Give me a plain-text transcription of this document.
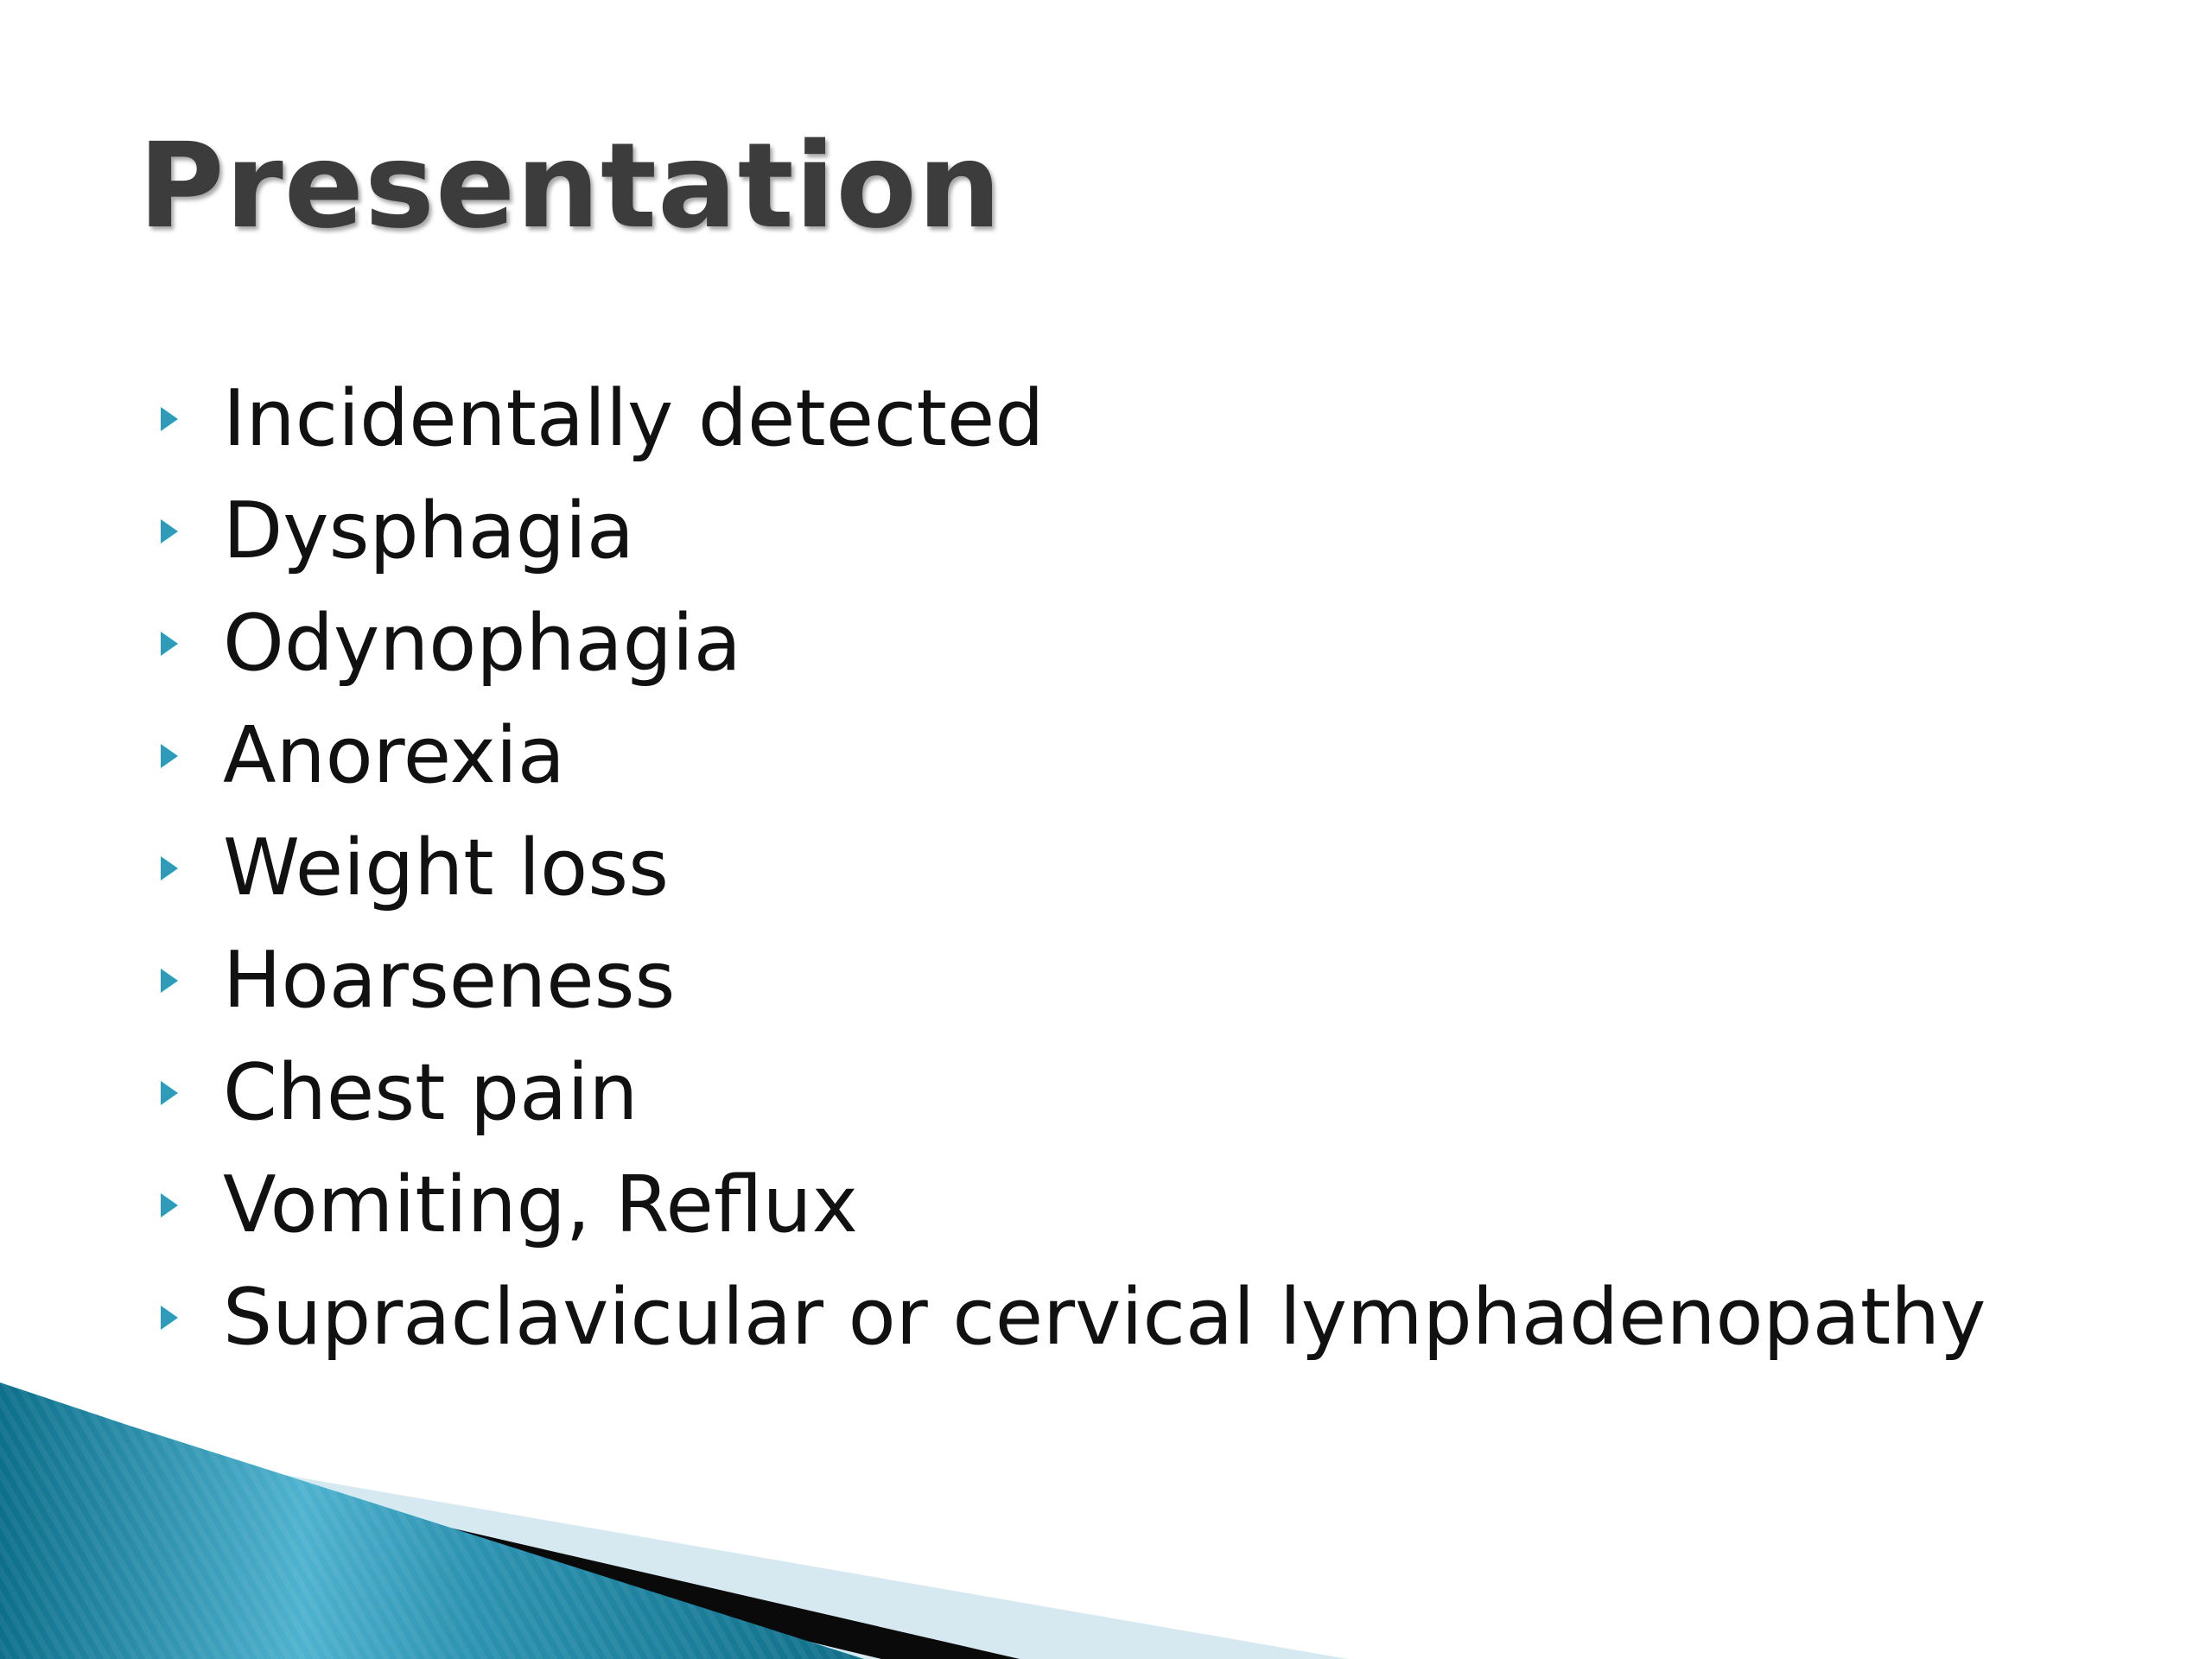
Presentation
Incidentally detected
Dysphagia
Odynophagia
Anorexia
Weight loss
Hoarseness
Chest pain
Vomiting, Reflux
Supraclavicular or cervical lymphadenopathy
